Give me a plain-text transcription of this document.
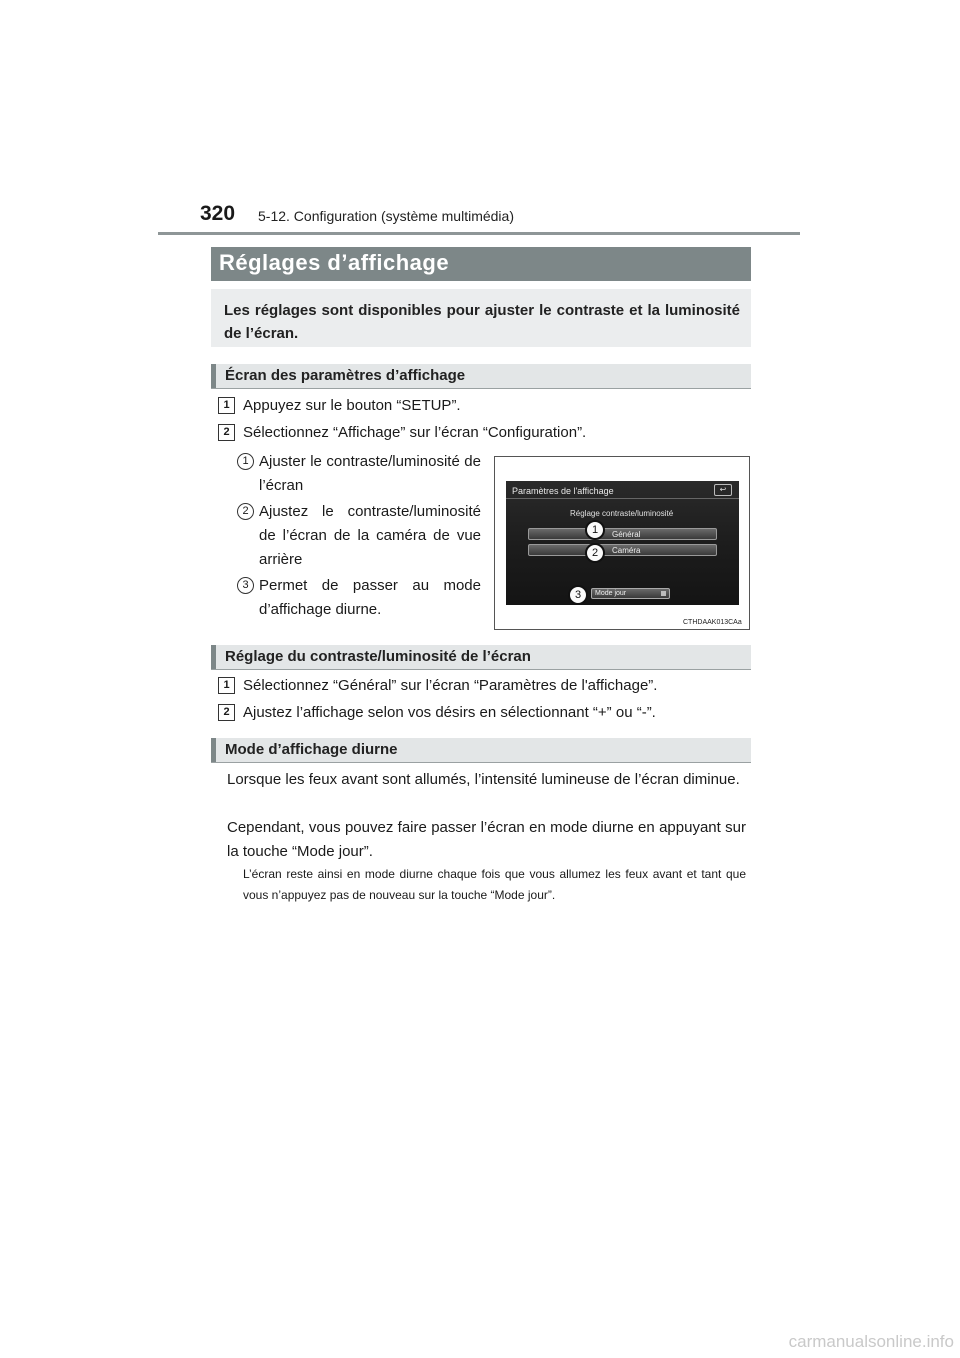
320 5-12. Configuration (système multimédia)
Réglages d’affichage

Les réglages sont disponibles pour ajuster le contraste et la luminosité de l’écran.

Écran des paramètres d’affichage
1 Appuyez sur le bouton “SETUP”.
2 Sélectionnez “Affichage” sur l’écran “Configuration”.
1 Ajuster le contraste/luminosité de l’écran
2 Ajustez le contraste/luminosité de l’écran de la caméra de vue arrière
3 Permet de passer au mode d’affichage diurne.
Paramètres de l'affichage	↩
Réglage contraste/luminosité
Général
Caméra
Mode jour
1
2
3
CTHDAAK013CAa
Réglage du contraste/luminosité de l’écran
1 Sélectionnez “Général” sur l’écran “Paramètres de l'affichage”.
2 Ajustez l’affichage selon vos désirs en sélectionnant “+” ou “-”.
Mode d’affichage diurne

Lorsque les feux avant sont allumés, l’intensité lumineuse de l’écran diminue.

Cependant, vous pouvez faire passer l’écran en mode diurne en appuyant sur la touche “Mode jour”.

L’écran reste ainsi en mode diurne chaque fois que vous allumez les feux avant et tant que vous n’appuyez pas de nouveau sur la touche “Mode jour”.

carmanualsonline.info
